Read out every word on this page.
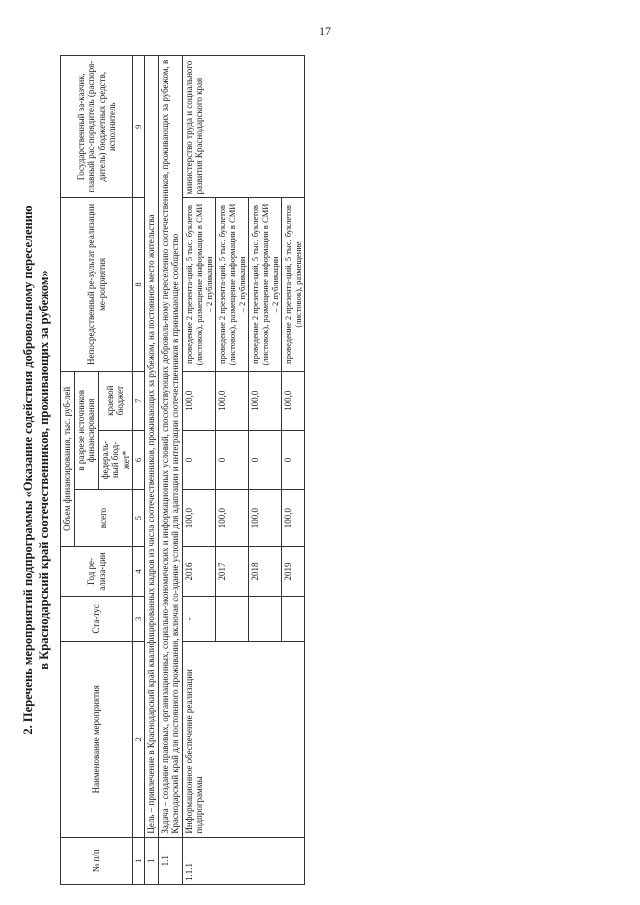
17
2. Перечень мероприятий подпрограммы «Оказание содействия добровольному переселению в Краснодарский край соотечественников, проживающих за рубежом»
№ п/п	Наименование мероприятия	Ста-тус	Год ре-ализа-ции	Объем финансирования, тыс. руб-лей			Непосредственный ре-зультат реализации ме-роприятия	Государственный за-казчик, главный рас-порядитель (распоря-дитель) бюджетных средств, исполнитель
				всего	в разрезе источников финансирования			
					федераль-ный бюд-жет*	краевой бюджет		
1	2	3	4	5	6	7	8	9
1	Цель – привлечение в Краснодарский край квалифицированных кадров из числа соотечественников, проживающих за рубежом, на постоянное место жительства							
1.1	Задача – создание правовых, организационных, социально-экономических и информационных условий, способствующих доброволь-ному переселению соотечественников, проживающих за рубежом, в Краснодарский край для постоянного проживания, включая со-здание условий для адаптации и интеграции соотечественников в принимающее сообщество							
1.1.1	Информационное обеспечение реализации подпрограммы	-	2016	100,0	0	100,0	проведение 2 презента-ций, 5 тыс. буклетов (листовок), размещение информации в СМИ – 2 публикации	министерство труда и социального развития Краснодарского края
			2017	100,0	0	100,0	проведение 2 презента-ций, 5 тыс. буклетов (листовок), размещение информации в СМИ – 2 публикации	
			2018	100,0	0	100,0	проведение 2 презента-ций, 5 тыс. буклетов (листовок), размещение информации в СМИ – 2 публикации	
			2019	100,0	0	100,0	проведение 2 презента-ций, 5 тыс. буклетов (листовок), размещение	
